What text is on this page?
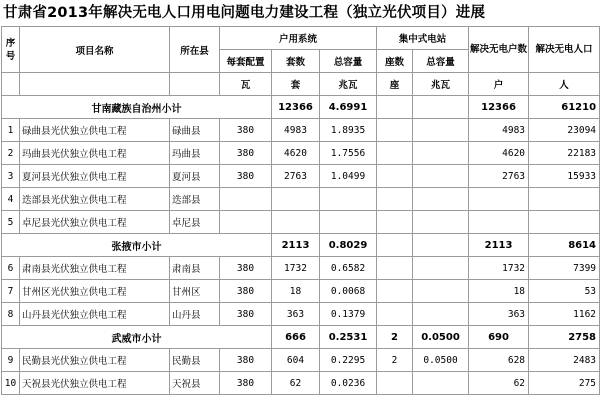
甘肃省2013年解决无电人口用电问题电力建设工程（独立光伏项目）进展
序号	项目名称	所在县	户用系统			集中式电站		解决无电户数	解决无电人口
			每套配置	套数	总容量	座数	总容量		
			瓦	套	兆瓦	座	兆瓦	户	人
甘南藏族自治州小计				12366	4.6991			12366	61210
1	碌曲县光伏独立供电工程	碌曲县	380	4983	1.8935			4983	23094
2	玛曲县光伏独立供电工程	玛曲县	380	4620	1.7556			4620	22183
3	夏河县光伏独立供电工程	夏河县	380	2763	1.0499			2763	15933
4	迭部县光伏独立供电工程	迭部县							
5	卓尼县光伏独立供电工程	卓尼县							
张掖市小计				2113	0.8029			2113	8614
6	肃南县光伏独立供电工程	肃南县	380	1732	0.6582			1732	7399
7	甘州区光伏独立供电工程	甘州区	380	18	0.0068			18	53
8	山丹县光伏独立供电工程	山丹县	380	363	0.1379			363	1162
武威市小计				666	0.2531	2	0.0500	690	2758
9	民勤县光伏独立供电工程	民勤县	380	604	0.2295	2	0.0500	628	2483
10	天祝县光伏独立供电工程	天祝县	380	62	0.0236			62	275
